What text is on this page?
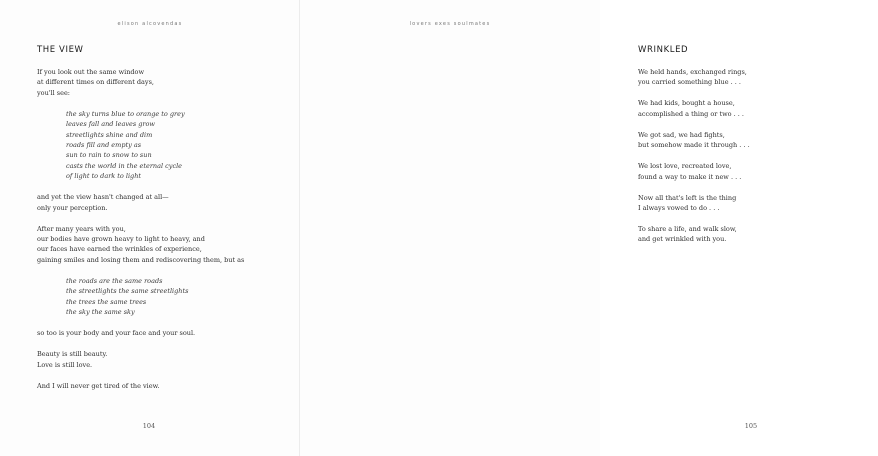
elison alcovendas
THE VIEW

If you look out the same window
at different times on different days,
you'll see:

the sky turns blue to orange to grey
leaves fall and leaves grow
streetlights shine and dim
roads fill and empty as
sun to rain to snow to sun
casts the world in the eternal cycle
of light to dark to light

and yet the view hasn't changed at all—
only your perception.

After many years with you,
our bodies have grown heavy to light to heavy, and
our faces have earned the wrinkles of experience,
gaining smiles and losing them and rediscovering them, but as

the roads are the same roads
the streetlights the same streetlights
the trees the same trees
the sky the same sky

so too is your body and your face and your soul.

Beauty is still beauty.
Love is still love.

And I will never get tired of the view.

104
lovers exes soulmates
WRINKLED

We held hands, exchanged rings,
you carried something blue . . .

We had kids, bought a house,
accomplished a thing or two . . .

We got sad, we had fights,
but somehow made it through . . .

We lost love, recreated love,
found a way to make it new . . .

Now all that's left is the thing
I always vowed to do . . .

To share a life, and walk slow,
and get wrinkled with you.

105
